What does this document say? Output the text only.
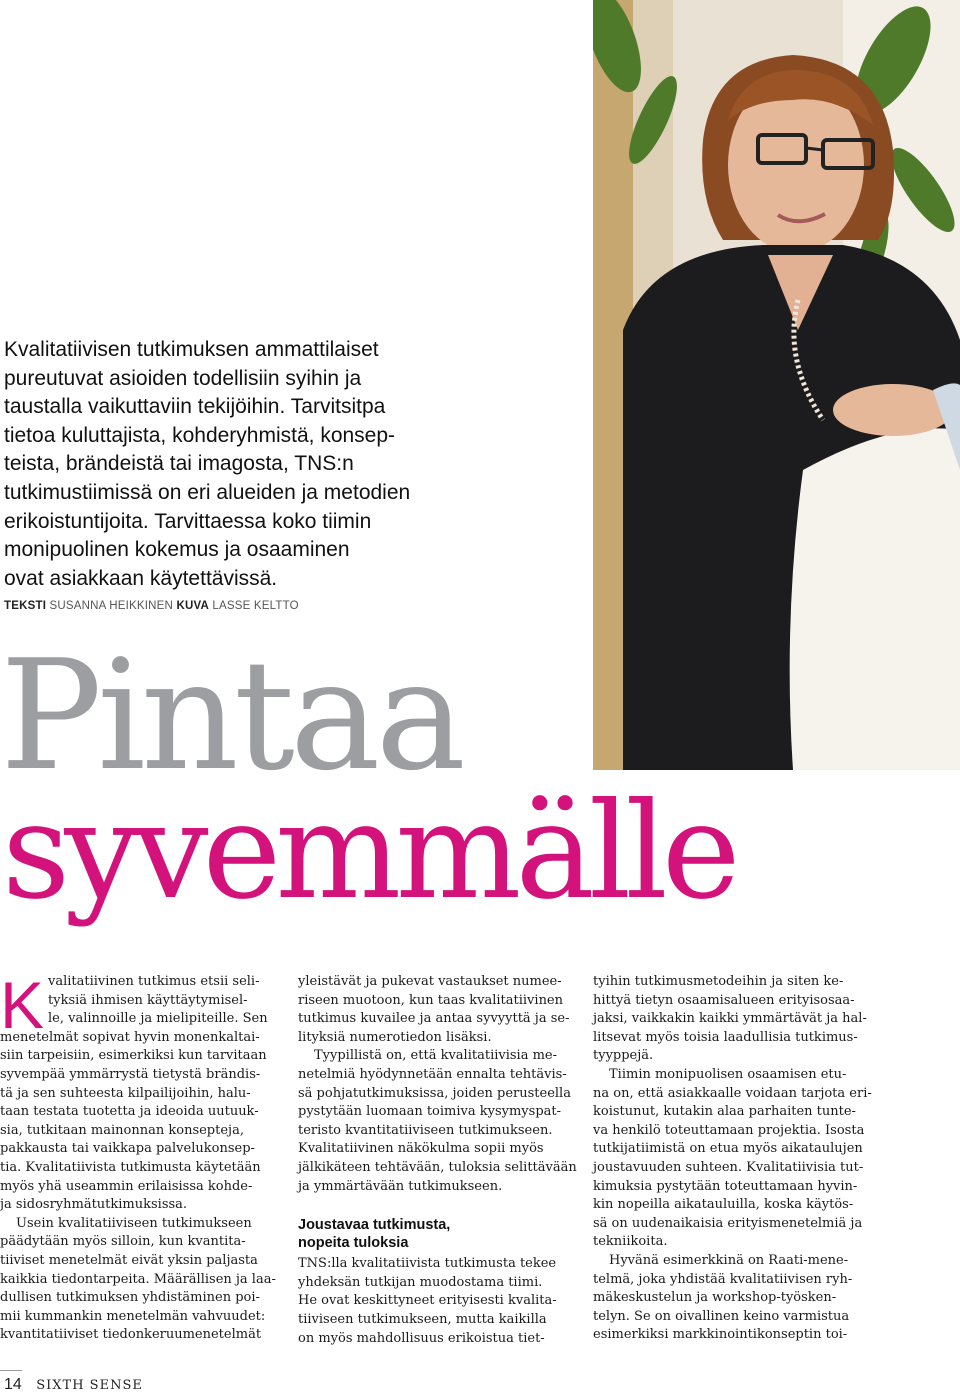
Kvalitatiivisen tutkimuksen ammattilaiset
pureutuvat asioiden todellisiin syihin ja
taustalla vaikuttaviin tekijöihin. Tarvitsitpa
tietoa kuluttajista, kohderyhmistä, konsep-
teista, brändeistä tai imagosta, TNS:n
tutkimustiimissä on eri alueiden ja metodien
erikoistuntijoita. Tarvittaessa koko tiimin
monipuolinen kokemus ja osaaminen
ovat asiakkaan käytettävissä.
TEKSTI SUSANNA HEIKKINEN KUVA LASSE KELTTO
Pintaa
syvemmälle
K valitatiivinen tutkimus etsii seli-
tyksiä ihmisen käyttäytymisel-
le, valinnoille ja mielipiteille. Sen
menetelmät sopivat hyvin monenkaltai-
siin tarpeisiin, esimerkiksi kun tarvitaan
syvempää ymmärrystä tietystä brändis-
tä ja sen suhteesta kilpailijoihin, halu-
taan testata tuotetta ja ideoida uutuuk-
sia, tutkitaan mainonnan konsepteja,
pakkausta tai vaikkapa palvelukonsep-
tia. Kvalitatiivista tutkimusta käytetään
myös yhä useammin erilaisissa kohde-
ja sidosryhmätutkimuksissa.
Usein kvalitatiiviseen tutkimukseen
päädytään myös silloin, kun kvantita-
tiiviset menetelmät eivät yksin paljasta
kaikkia tiedontarpeita. Määrällisen ja laa-
dullisen tutkimuksen yhdistäminen poi-
mii kummankin menetelmän vahvuudet:
kvantitatiiviset tiedonkeruumenetelmät
yleistävät ja pukevat vastaukset numee-
riseen muotoon, kun taas kvalitatiivinen
tutkimus kuvailee ja antaa syvyyttä ja se-
lityksiä numerotiedon lisäksi.
Tyypillistä on, että kvalitatiivisia me-
netelmiä hyödynnetään ennalta tehtävis-
sä pohjatutkimuksissa, joiden perusteella
pystytään luomaan toimiva kysymyspat-
teristo kvantitatiiviseen tutkimukseen.
Kvalitatiivinen näkökulma sopii myös
jälkikäteen tehtävään, tuloksia selittävään
ja ymmärtävään tutkimukseen.
Joustavaa tutkimusta,
nopeita tuloksia
TNS:lla kvalitatiivista tutkimusta tekee
yhdeksän tutkijan muodostama tiimi.
He ovat keskittyneet erityisesti kvalita-
tiiviseen tutkimukseen, mutta kaikilla
on myös mahdollisuus erikoistua tiet-
tyihin tutkimusmetodeihin ja siten ke-
hittyä tietyn osaamisalueen erityisosaa-
jaksi, vaikkakin kaikki ymmärtävät ja hal-
litsevat myös toisia laadullisia tutkimus-
tyyppejä.
Tiimin monipuolisen osaamisen etu-
na on, että asiakkaalle voidaan tarjota eri-
koistunut, kutakin alaa parhaiten tunte-
va henkilö toteuttamaan projektia. Isosta
tutkijatiimistä on etua myös aikataulujen
joustavuuden suhteen. Kvalitatiivisia tut-
kimuksia pystytään toteuttamaan hyvin-
kin nopeilla aikatauluilla, koska käytös-
sä on uudenaikaisia erityismenetelmiä ja
tekniikoita.
Hyvänä esimerkkinä on Raati-mene-
telmä, joka yhdistää kvalitatiivisen ryh-
mäkeskustelun ja workshop-työsken-
telyn. Se on oivallinen keino varmistua
esimerkiksi markkinointikonseptin toi-
14 SIXTH SENSE
